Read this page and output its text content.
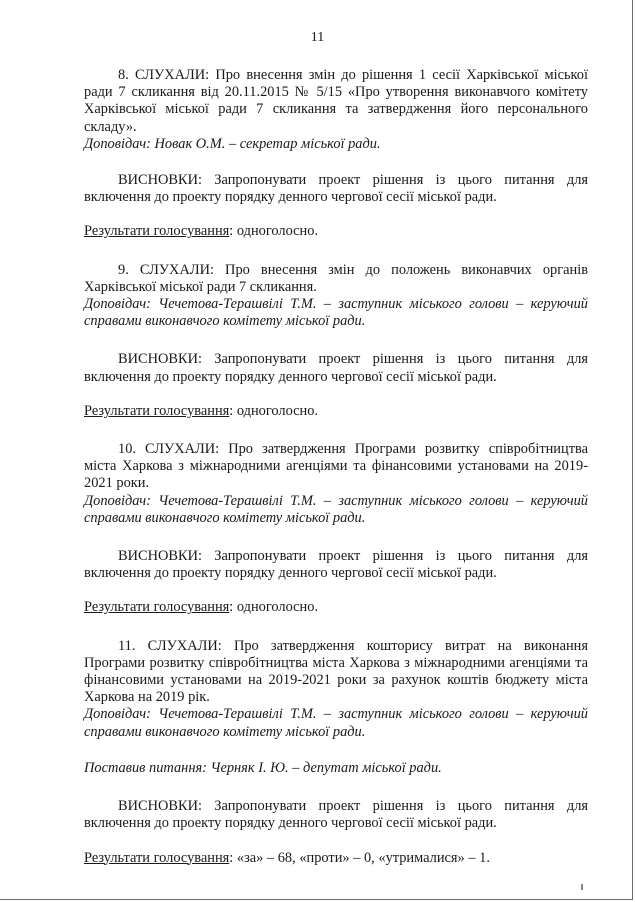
11

8. СЛУХАЛИ: Про внесення змін до рішення 1 сесії Харківської міської ради 7 скликання від 20.11.2015 № 5/15 «Про утворення виконавчого комітету Харківської міської ради 7 скликання та затвердження його персонального складу».

Доповідач: Новак О.М. – секретар міської ради.

ВИСНОВКИ: Запропонувати проект рішення із цього питання для включення до проекту порядку денного чергової сесії міської ради.

Результати голосування: одноголосно.

9. СЛУХАЛИ: Про внесення змін до положень виконавчих органів Харківської міської ради 7 скликання.

Доповідач: Чечетова-Терашвілі Т.М. – заступник міського голови – керуючий справами виконавчого комітету міської ради.

ВИСНОВКИ: Запропонувати проект рішення із цього питання для включення до проекту порядку денного чергової сесії міської ради.

Результати голосування: одноголосно.

10. СЛУХАЛИ: Про затвердження Програми розвитку співробітництва міста Харкова з міжнародними агенціями та фінансовими установами на 2019-2021 роки.

Доповідач: Чечетова-Терашвілі Т.М. – заступник міського голови – керуючий справами виконавчого комітету міської ради.

ВИСНОВКИ: Запропонувати проект рішення із цього питання для включення до проекту порядку денного чергової сесії міської ради.

Результати голосування: одноголосно.

11. СЛУХАЛИ: Про затвердження кошторису витрат на виконання Програми розвитку співробітництва міста Харкова з міжнародними агенціями та фінансовими установами на 2019-2021 роки за рахунок коштів бюджету міста Харкова на 2019 рік.

Доповідач: Чечетова-Терашвілі Т.М. – заступник міського голови – керуючий справами виконавчого комітету міської ради.

Поставив питання: Черняк І. Ю. – депутат міської ради.

ВИСНОВКИ: Запропонувати проект рішення із цього питання для включення до проекту порядку денного чергової сесії міської ради.

Результати голосування: «за» – 68, «проти» – 0, «утрималися» – 1.
